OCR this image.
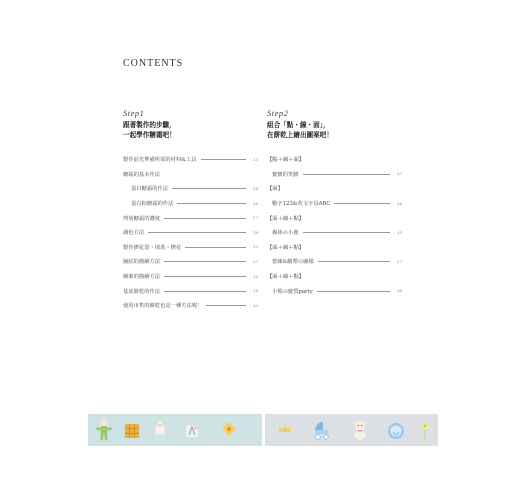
CONTENTS
Step1
跟著製作的步驟，
一起學作糖霜吧！
製作前先準備所需的材料&工具	13
糖霜的基本作法
蛋白糖霜的作法	14
蛋白粉糖霜的作法	16
判別糖霜的濃度	17
調色方法	18
製作擠花袋・填裝・擠花	20
圖紋的描繪方法	23
圖案的描繪方法	26
基底餅乾的作法	28
使用市售的餅乾也是一種方法呢！	30
Step2
組合「點・線・面」，
在餅乾上繪出圖案吧！
【點＋線＋面】
寶寶的笑臉	33
【面】
數字123&英文字母ABC	34
【面＋線＋點】
森林の小鹿	35
【面＋線＋點】
蕾絲&緞帶の圖樣	37
【面＋線＋點】
小熊の慶質party	38
